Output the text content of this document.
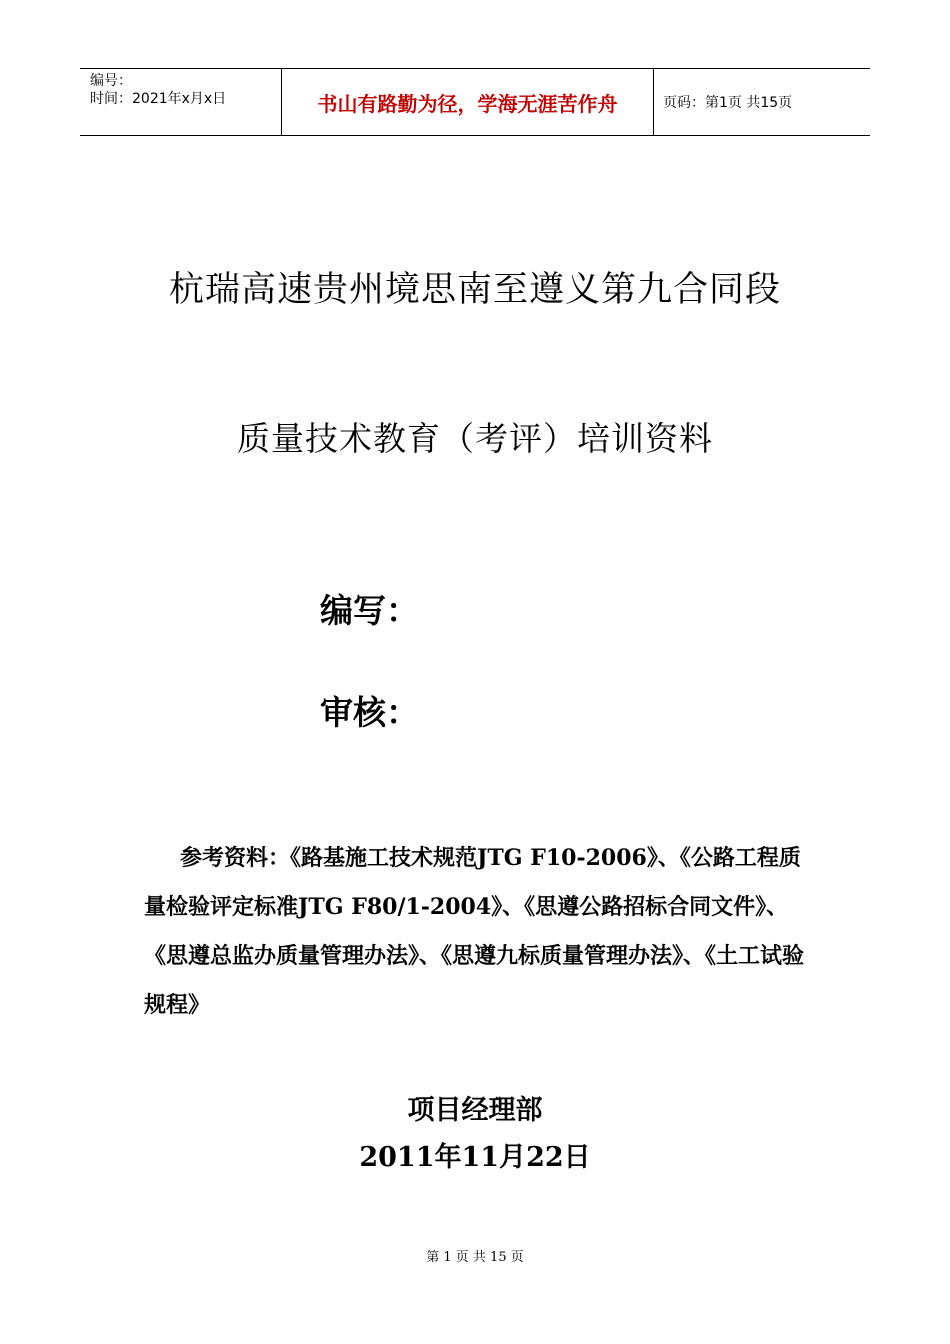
编号：
时间：2021年x月x日	书山有路勤为径，学海无涯苦作舟	页码：第1页 共15页
杭瑞高速贵州境思南至遵义第九合同段
质量技术教育（考评）培训资料
编写：
审核：
参考资料：《路基施工技术规范JTG F10-2006》、《公路工程质量检验评定标准JTG F80/1-2004》、《思遵公路招标合同文件》、《思遵总监办质量管理办法》、《思遵九标质量管理办法》、《土工试验规程》
项目经理部
2011年11月22日
第 1 页 共 15 页
